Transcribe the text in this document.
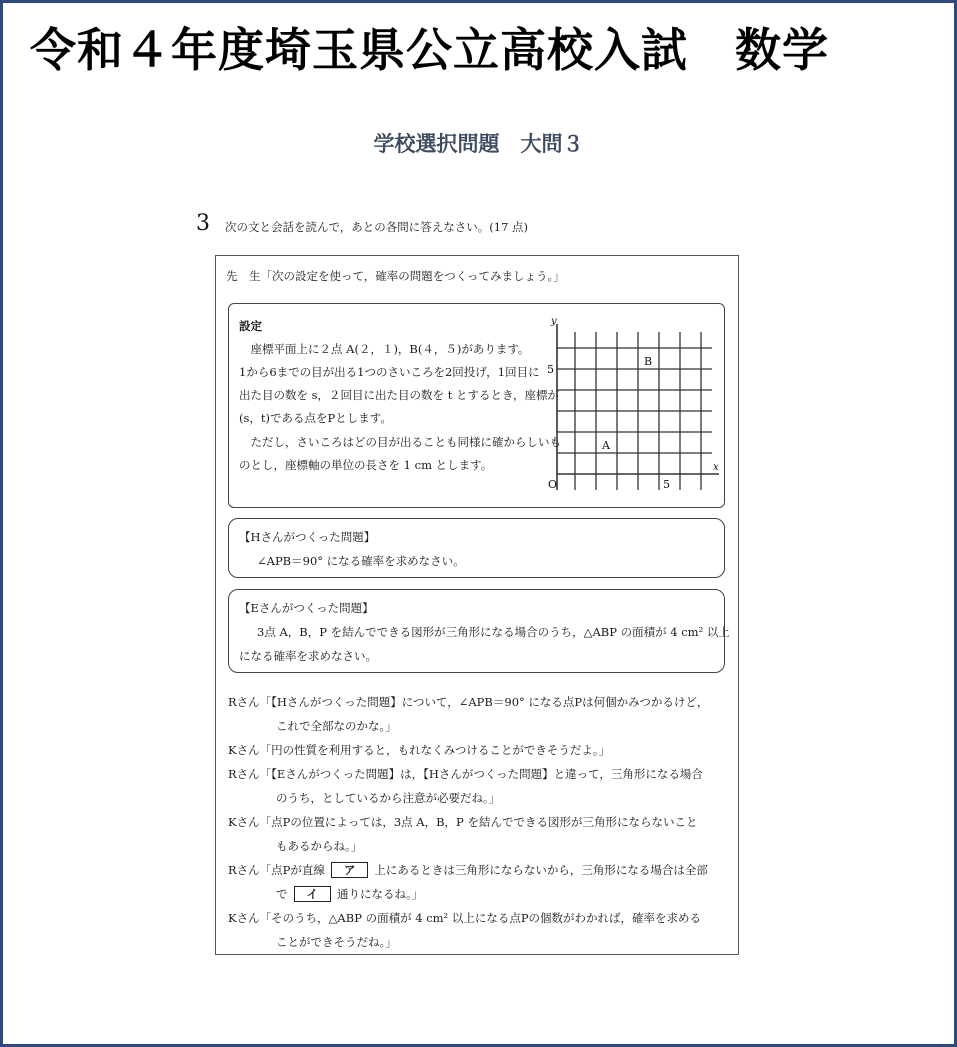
令和４年度埼玉県公立高校入試　数学
学校選択問題　大問３
3 次の文と会話を読んで，あとの各問に答えなさい。(17 点)
先　生「次の設定を使って，確率の問題をつくってみましょう。」
設定
　座標平面上に２点 A(２，１)，B(４，５)があります。
1から6までの目が出る1つのさいころを2回投げ，1回目に
出た目の数を s，２回目に出た目の数を t とするとき，座標が
(s，t)である点をPとします。
　ただし，さいころはどの目が出ることも同様に確からしいも
のとし，座標軸の単位の長さを 1 cm とします。
y
x
O
5
5
A
B
【Hさんがつくった問題】
∠APB＝90° になる確率を求めなさい。
【Eさんがつくった問題】
3点 A，B，P を結んでできる図形が三角形になる場合のうち，△ABP の面積が 4 cm² 以上
になる確率を求めなさい。
Rさん「【Hさんがつくった問題】について，∠APB＝90° になる点Pは何個かみつかるけど，
これで全部なのかな。」
Kさん「円の性質を利用すると，もれなくみつけることができそうだよ。」
Rさん「【Eさんがつくった問題】は，【Hさんがつくった問題】と違って，三角形になる場合
のうち，としているから注意が必要だね。」
Kさん「点Pの位置によっては，3点 A，B，P を結んでできる図形が三角形にならないこと
もあるからね。」
Rさん「点Pが直線 ア 上にあるときは三角形にならないから，三角形になる場合は全部
で イ 通りになるね。」
Kさん「そのうち，△ABP の面積が 4 cm² 以上になる点Pの個数がわかれば，確率を求める
ことができそうだね。」
